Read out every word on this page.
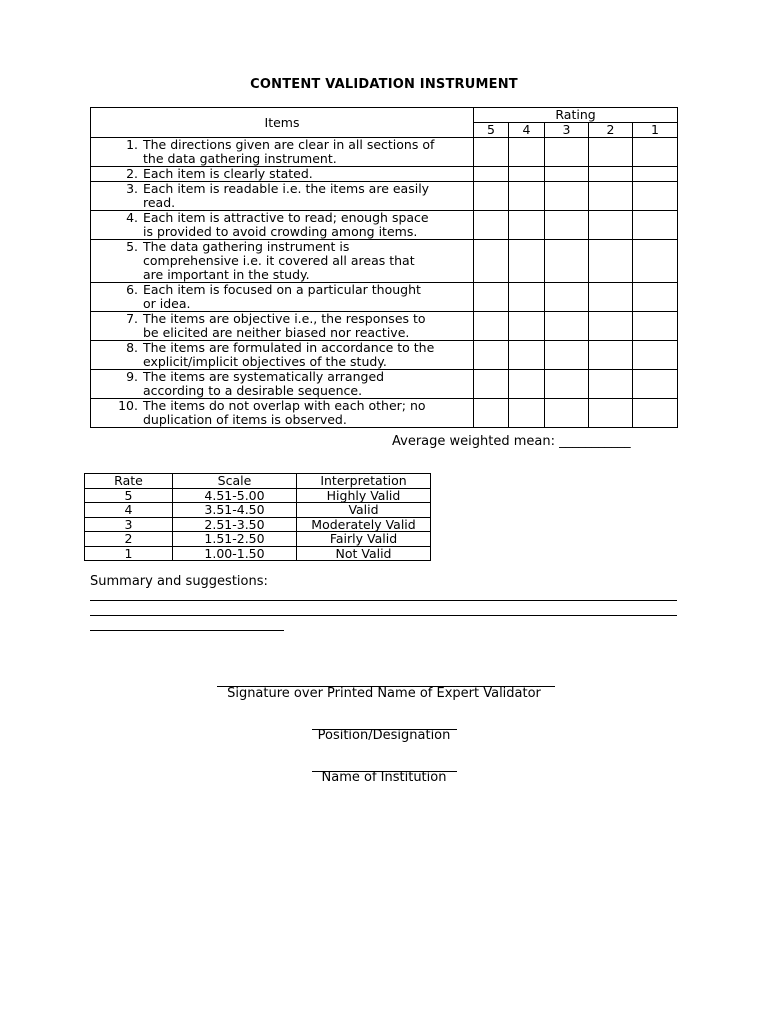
CONTENT VALIDATION INSTRUMENT
Items	Rating				
	5	4	3	2	1

1. The directions given are clear in all sections of
the data gathering instrument.					

2. Each item is clearly stated.					

3. Each item is readable i.e. the items are easily
read.					

4. Each item is attractive to read; enough space
is provided to avoid crowding among items.					

5. The data gathering instrument is
comprehensive i.e. it covered all areas that
are important in the study.					

6. Each item is focused on a particular thought
or idea.					

7. The items are objective i.e., the responses to
be elicited are neither biased nor reactive.					

8. The items are formulated in accordance to the
explicit/implicit objectives of the study.					

9. The items are systematically arranged
according to a desirable sequence.					

10. The items do not overlap with each other; no
duplication of items is observed.					

Average weighted mean: ___________
Rate	Scale	Interpretation
5	4.51-5.00	Highly Valid
4	3.51-4.50	Valid
3	2.51-3.50	Moderately Valid
2	1.51-2.50	Fairly Valid
1	1.00-1.50	Not Valid
Summary and suggestions:
Signature over Printed Name of Expert Validator
Position/Designation
Name of Institution
